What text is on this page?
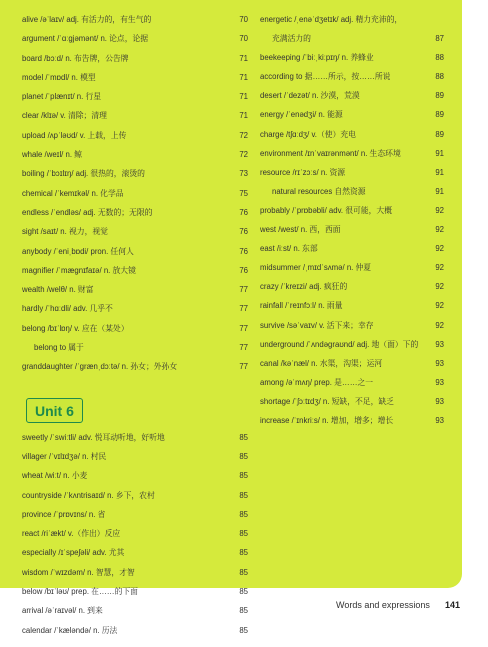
alive /əˈlaɪv/ adj. 有活力的，有生气的	70
argument /ˈɑːgjəmənt/ n. 论点，论据	70
board /bɔːd/ n. 布告牌，公告牌	71
model /ˈmɒdl/ n. 模型	71
planet /ˈplænɪt/ n. 行星	71
clear /klɪə/ v. 清除；清理	71
upload /ʌpˈləʊd/ v. 上载，上传	72
whale /weɪl/ n. 鲸	72
boiling /ˈbɔɪlɪŋ/ adj. 很热的，滚烫的	73
chemical /ˈkemɪkəl/ n. 化学品	75
endless /ˈendləs/ adj. 无数的；无限的	76
sight /saɪt/ n. 视力，视觉	76
anybody /ˈeniˌbɒdi/ pron. 任何人	76
magnifier /ˈmægnɪfaɪə/ n. 放大镜	76
wealth /welθ/ n. 财富	77
hardly /ˈhɑːdli/ adv. 几乎不	77
belong /bɪˈlɒŋ/ v. 应在（某处）	77
belong to 属于	77
granddaughter /ˈgrænˌdɔːtə/ n. 孙女；外孙女	77
Unit 6
sweetly /ˈswiːtli/ adv. 悦耳动听地，好听地	85
villager /ˈvɪlɪdʒə/ n. 村民	85
wheat /wiːt/ n. 小麦	85
countryside /ˈkʌntrisaɪd/ n. 乡下，农村	85
province /ˈprɒvɪns/ n. 省	85
react /riˈækt/ v.（作出）反应	85
especially /ɪˈspeʃəli/ adv. 尤其	85
wisdom /ˈwɪzdəm/ n. 智慧，才智	85
below /bɪˈləʊ/ prep. 在……的下面	85
arrival /əˈraɪvəl/ n. 到来	85
calendar /ˈkæləndə/ n. 历法	85
energetic /ˌenəˈdʒetɪk/ adj. 精力充沛的，
充满活力的	87
beekeeping /ˈbiːˌkiːpɪŋ/ n. 养蜂业	88
according to 据……所示，按……所说	88
desert /ˈdezət/ n. 沙漠，荒漠	89
energy /ˈenədʒi/ n. 能源	89
charge /tʃɑːdʒ/ v.（使）充电	89
environment /ɪnˈvaɪrənmənt/ n. 生态环境	91
resource /rɪˈzɔːs/ n. 资源	91
natural resources 自然资源	91
probably /ˈprɒbəbli/ adv. 很可能，大概	92
west /west/ n. 西，西面	92
east /iːst/ n. 东部	92
midsummer /ˌmɪdˈsʌmə/ n. 仲夏	92
crazy /ˈkreɪzi/ adj. 疯狂的	92
rainfall /ˈreɪnfɔːl/ n. 雨量	92
survive /səˈvaɪv/ v. 活下来；幸存	92
underground /ˈʌndəgraʊnd/ adj. 地（面）下的 93
canal /kəˈnæl/ n. 水渠，沟渠；运河	93
among /əˈmʌŋ/ prep. 是……之一	93
shortage /ˈʃɔːtɪdʒ/ n. 短缺，不足，缺乏	93
increase /ˈɪnkriːs/ n. 增加，增多；增长	93
Words and expressions 141
